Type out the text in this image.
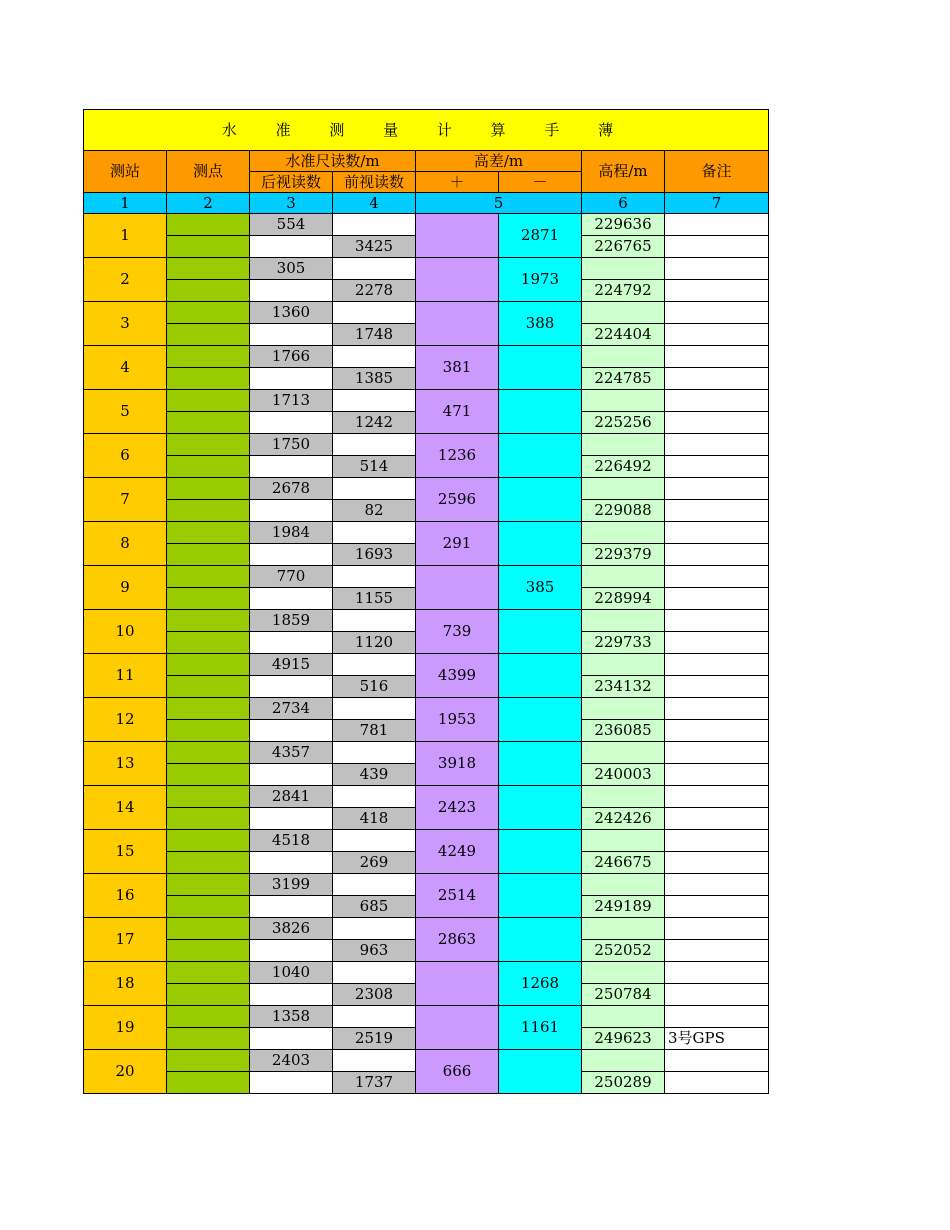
水 准 测 量 计 算 手 薄							
测站	测点	水准尺读数/m		高差/m		高程/m	备注
		后视读数	前视读数	＋	－		
1	2	3	4	5		6	7
1		554			2871	229636	
			3425			226765	
2		305			1973		
			2278			224792	
3		1360			388		
			1748			224404	
4		1766		381			
			1385			224785	
5		1713		471			
			1242			225256	
6		1750		1236			
			514			226492	
7		2678		2596			
			82			229088	
8		1984		291			
			1693			229379	
9		770			385		
			1155			228994	
10		1859		739			
			1120			229733	
11		4915		4399			
			516			234132	
12		2734		1953			
			781			236085	
13		4357		3918			
			439			240003	
14		2841		2423			
			418			242426	
15		4518		4249			
			269			246675	
16		3199		2514			
			685			249189	
17		3826		2863			
			963			252052	
18		1040			1268		
			2308			250784	
19		1358			1161		
			2519			249623	3号GPS
20		2403		666			
			1737			250289	
